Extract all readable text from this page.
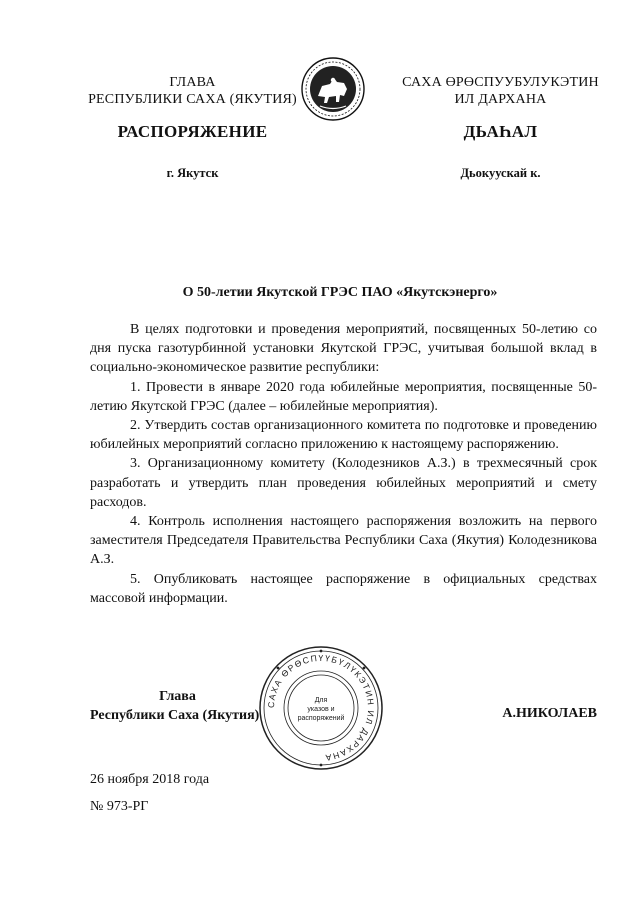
ГЛАВА
РЕСПУБЛИКИ САХА (ЯКУТИЯ)
САХА ӨРӨСПУУБУЛУКЭТИН
ИЛ ДАРХАНА
РАСПОРЯЖЕНИЕ	ДЬАҺАЛ
г. Якутск	Дьокуускай к.
О 50-летии Якутской ГРЭС ПАО «Якутскэнерго»

В целях подготовки и проведения мероприятий, посвященных 50-летию со дня пуска газотурбинной установки Якутской ГРЭС, учитывая большой вклад в социально-экономическое развитие республики:

1. Провести в январе 2020 года юбилейные мероприятия, посвященные 50-летию Якутской ГРЭС (далее – юбилейные мероприятия).

2. Утвердить состав организационного комитета по подготовке и проведению юбилейных мероприятий согласно приложению к настоящему распоряжению.

3. Организационному комитету (Колодезников А.З.) в трехмесячный срок разработать и утвердить план проведения юбилейных мероприятий и смету расходов.

4. Контроль исполнения настоящего распоряжения возложить на первого заместителя Председателя Правительства Республики Саха (Якутия) Колодезникова А.З.

5. Опубликовать настоящее распоряжение в официальных средствах массовой информации.

САХА ӨРӨСПҮҮБҮЛҮКЭТИН ИЛ ДАРХАНА
Для
указов и
распоряжений
Глава
Республики Саха (Якутия)	А.НИКОЛАЕВ
26 ноября 2018 года
№ 973-РГ
